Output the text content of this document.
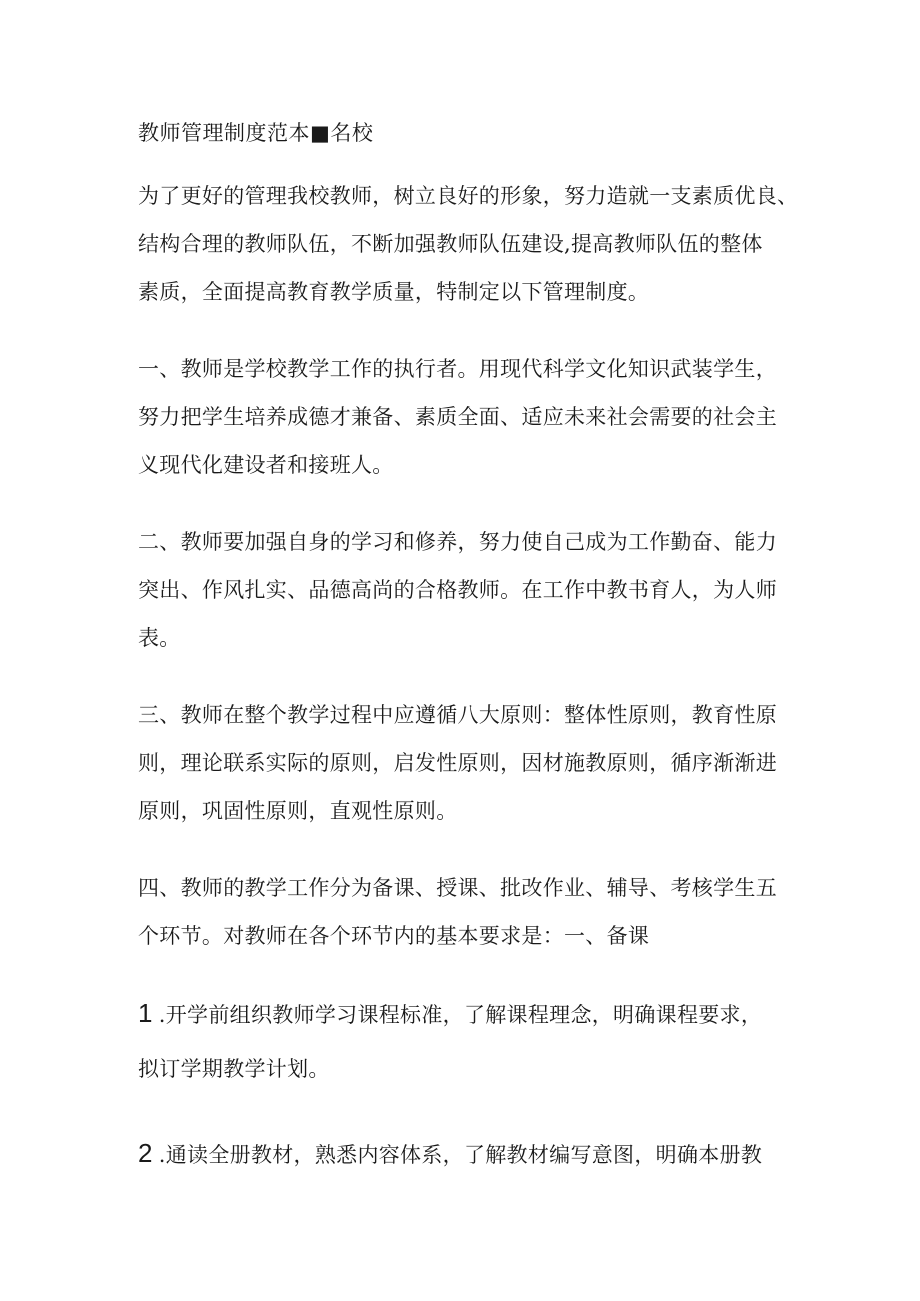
教师管理制度范本■名校
为了更好的管理我校教师，树立良好的形象，努力造就一支素质优良、
结构合理的教师队伍，不断加强教师队伍建设,提高教师队伍的整体
素质，全面提高教育教学质量，特制定以下管理制度。
一、教师是学校教学工作的执行者。用现代科学文化知识武装学生，
努力把学生培养成德才兼备、素质全面、适应未来社会需要的社会主
义现代化建设者和接班人。
二、教师要加强自身的学习和修养，努力使自己成为工作勤奋、能力
突出、作风扎实、品德高尚的合格教师。在工作中教书育人，为人师
表。
三、教师在整个教学过程中应遵循八大原则：整体性原则，教育性原
则，理论联系实际的原则，启发性原则，因材施教原则，循序渐渐进
原则，巩固性原则，直观性原则。
四、教师的教学工作分为备课、授课、批改作业、辅导、考核学生五
个环节。对教师在各个环节内的基本要求是：一、备课
1 .开学前组织教师学习课程标准，了解课程理念，明确课程要求，
拟订学期教学计划。
2 .通读全册教材，熟悉内容体系，了解教材编写意图，明确本册教
